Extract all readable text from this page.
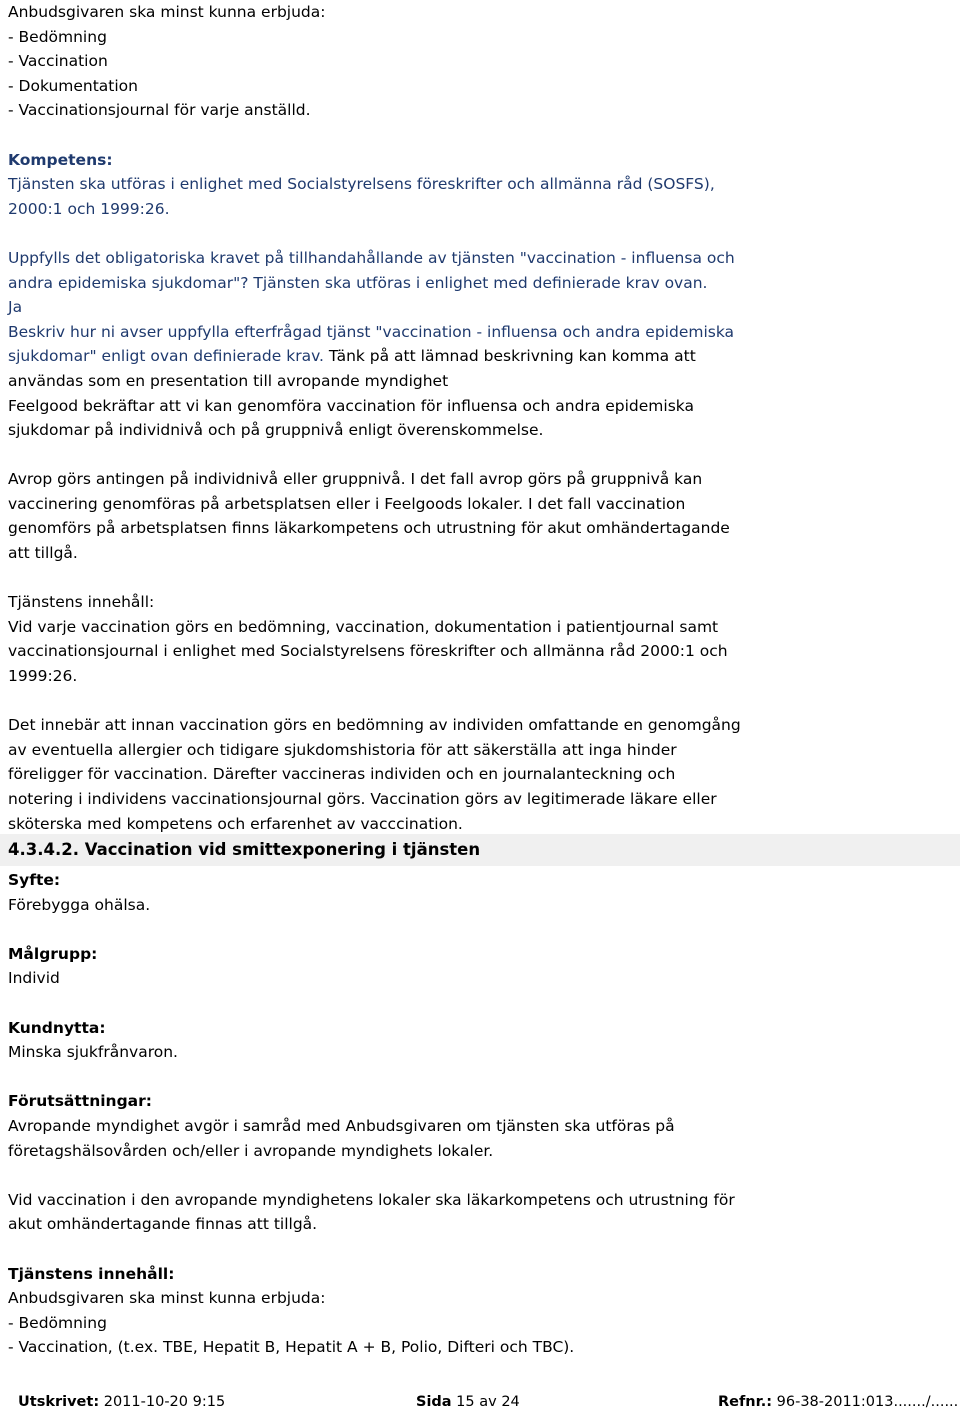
Anbudsgivaren ska minst kunna erbjuda:
- Bedömning
- Vaccination
- Dokumentation
- Vaccinationsjournal för varje anställd.
Kompetens:
Tjänsten ska utföras i enlighet med Socialstyrelsens föreskrifter och allmänna råd (SOSFS),
2000:1 och 1999:26.
Uppfylls det obligatoriska kravet på tillhandahållande av tjänsten "vaccination - influensa och
andra epidemiska sjukdomar"? Tjänsten ska utföras i enlighet med definierade krav ovan.
Ja
Beskriv hur ni avser uppfylla efterfrågad tjänst "vaccination - influensa och andra epidemiska
sjukdomar" enligt ovan definierade krav. Tänk på att lämnad beskrivning kan komma att
användas som en presentation till avropande myndighet
Feelgood bekräftar att vi kan genomföra vaccination för influensa och andra epidemiska
sjukdomar på individnivå och på gruppnivå enligt överenskommelse.
Avrop görs antingen på individnivå eller gruppnivå. I det fall avrop görs på gruppnivå kan
vaccinering genomföras på arbetsplatsen eller i Feelgoods lokaler. I det fall vaccination
genomförs på arbetsplatsen finns läkarkompetens och utrustning för akut omhändertagande
att tillgå.
Tjänstens innehåll:
Vid varje vaccination görs en bedömning, vaccination, dokumentation i patientjournal samt
vaccinationsjournal i enlighet med Socialstyrelsens föreskrifter och allmänna råd 2000:1 och
1999:26.
Det innebär att innan vaccination görs en bedömning av individen omfattande en genomgång
av eventuella allergier och tidigare sjukdomshistoria för att säkerställa att inga hinder
föreligger för vaccination. Därefter vaccineras individen och en journalanteckning och
notering i individens vaccinationsjournal görs. Vaccination görs av legitimerade läkare eller
sköterska med kompetens och erfarenhet av vacccination.
4.3.4.2. Vaccination vid smittexponering i tjänsten
Syfte:
Förebygga ohälsa.
Målgrupp:
Individ
Kundnytta:
Minska sjukfrånvaron.
Förutsättningar:
Avropande myndighet avgör i samråd med Anbudsgivaren om tjänsten ska utföras på
företagshälsovården och/eller i avropande myndighets lokaler.
Vid vaccination i den avropande myndighetens lokaler ska läkarkompetens och utrustning för
akut omhändertagande finnas att tillgå.
Tjänstens innehåll:
Anbudsgivaren ska minst kunna erbjuda:
- Bedömning
- Vaccination, (t.ex. TBE, Hepatit B, Hepatit A + B, Polio, Difteri och TBC).
Utskrivet: 2011-10-20 9:15	Sida 15 av 24	Refnr.: 96-38-2011:013......./......
